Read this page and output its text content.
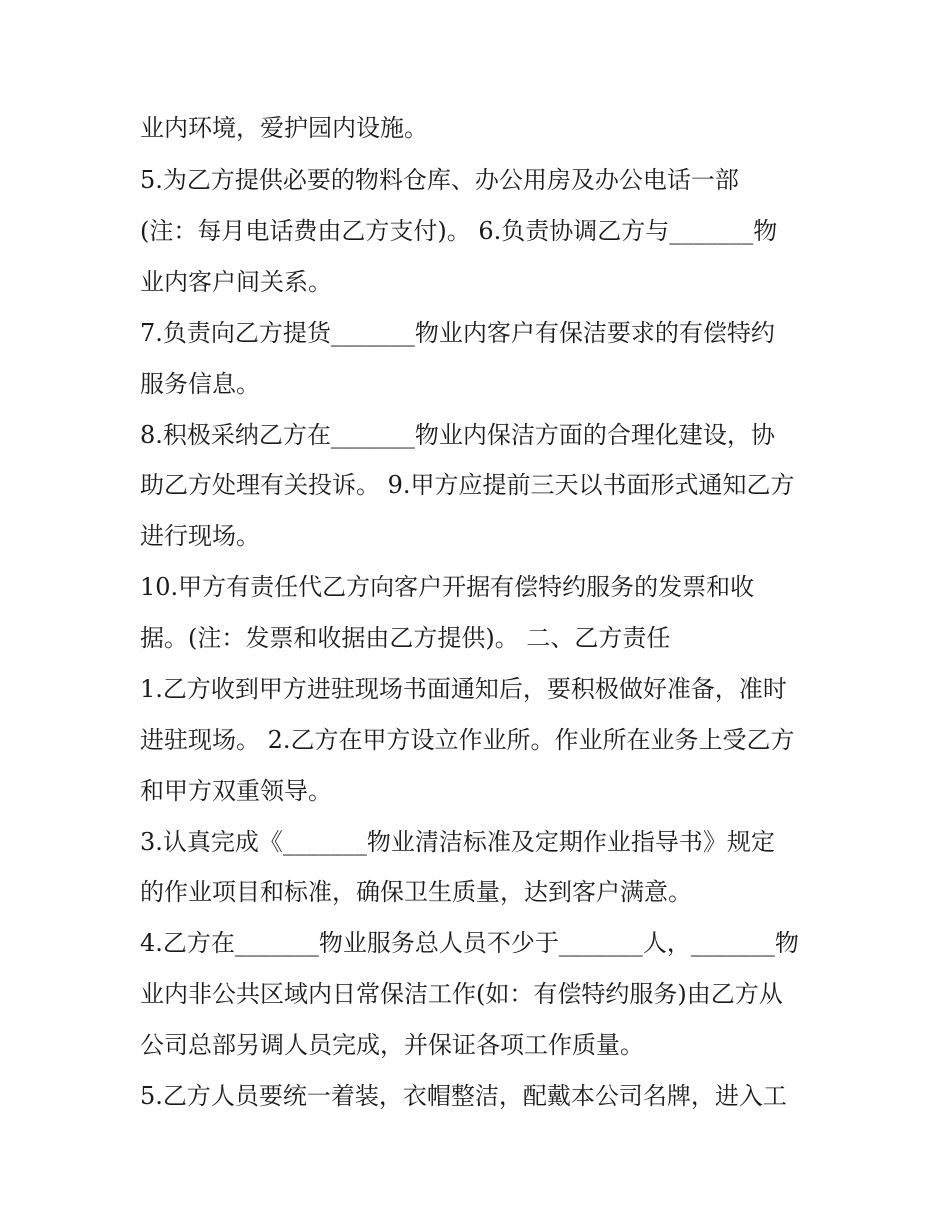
业内环境，爱护园内设施。
5.为乙方提供必要的物料仓库、办公用房及办公电话一部
(注：每月电话费由乙方支付)。 6.负责协调乙方与_______物
业内客户间关系。
7.负责向乙方提货_______物业内客户有保洁要求的有偿特约
服务信息。
8.积极采纳乙方在_______物业内保洁方面的合理化建设，协
助乙方处理有关投诉。 9.甲方应提前三天以书面形式通知乙方
进行现场。
10.甲方有责任代乙方向客户开据有偿特约服务的发票和收
据。(注：发票和收据由乙方提供)。 二、乙方责任
1.乙方收到甲方进驻现场书面通知后，要积极做好准备，准时
进驻现场。 2.乙方在甲方设立作业所。作业所在业务上受乙方
和甲方双重领导。
3.认真完成《_______物业清洁标准及定期作业指导书》规定
的作业项目和标准，确保卫生质量，达到客户满意。
4.乙方在_______物业服务总人员不少于_______人，_______物
业内非公共区域内日常保洁工作(如：有偿特约服务)由乙方从
公司总部另调人员完成，并保证各项工作质量。
5.乙方人员要统一着装，衣帽整洁，配戴本公司名牌，进入工
